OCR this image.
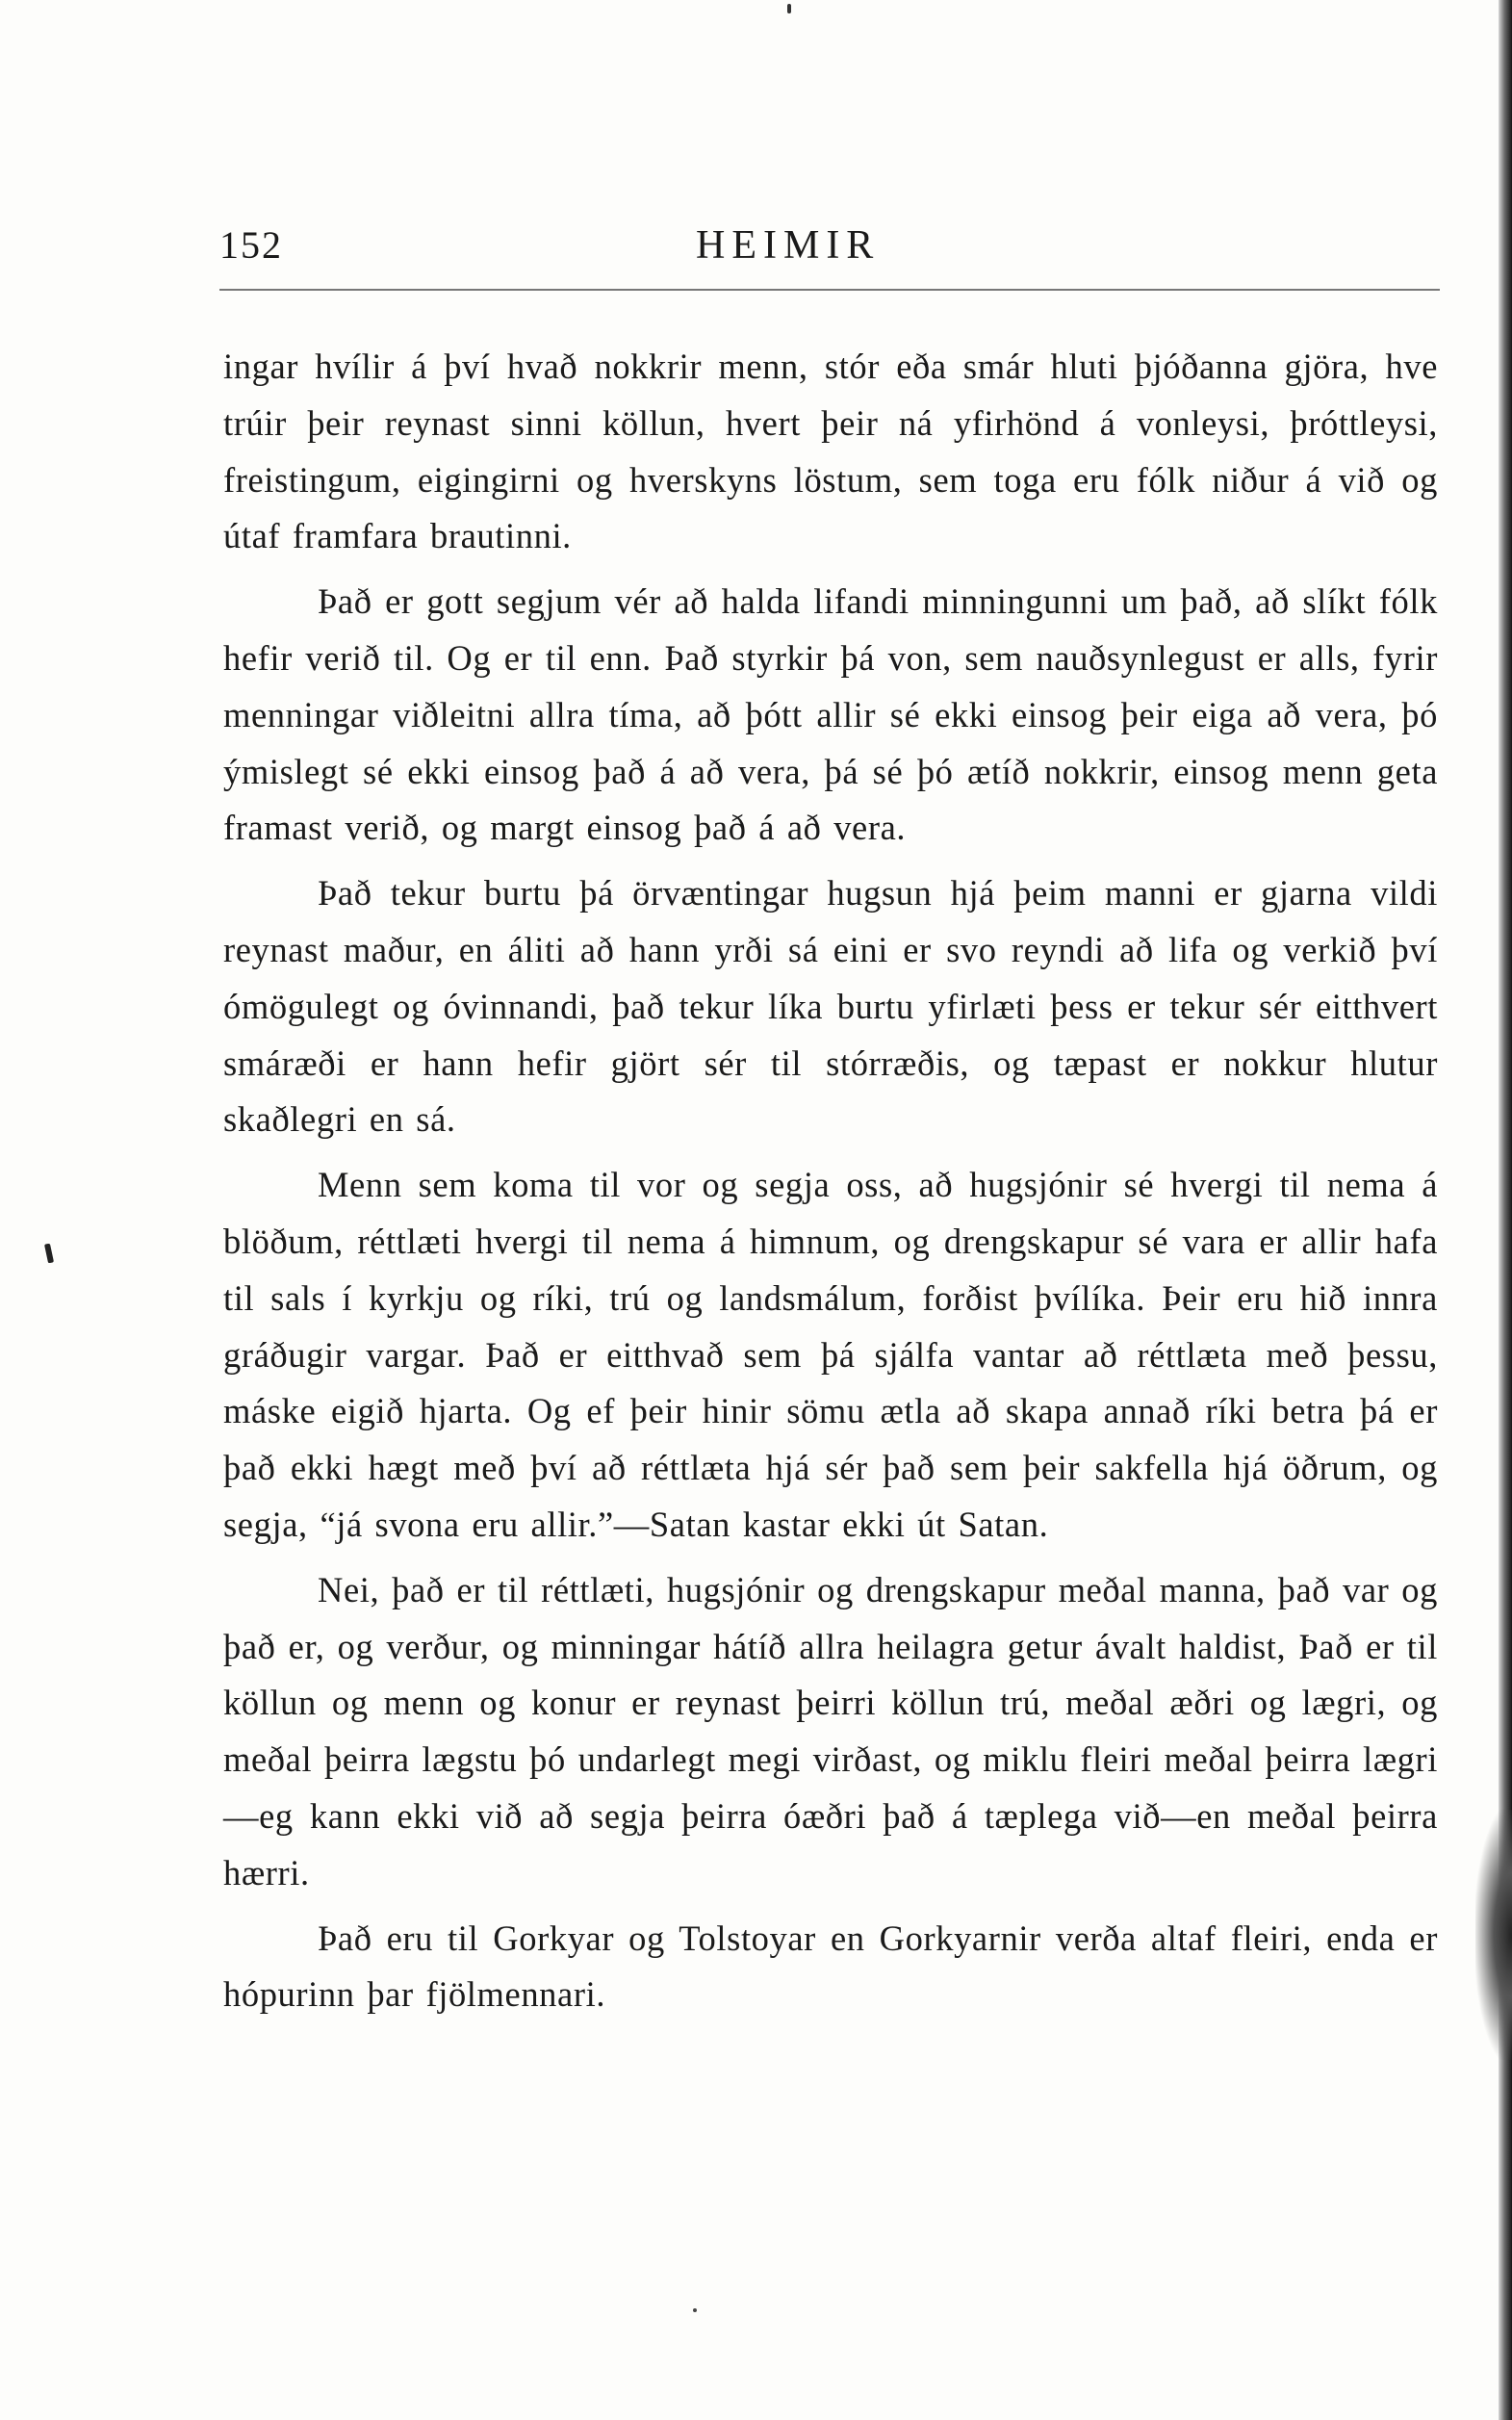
152	HEIMIR

ingar hvílir á því hvað nokkrir menn, stór eða smár hluti þjóðanna gjöra, hve trúir þeir reynast sinni köllun, hvert þeir ná yfirhönd á vonleysi, þróttleysi, freistingum, eigingirni og hverskyns löstum, sem toga eru fólk niður á við og útaf framfara brautinni.

Það er gott segjum vér að halda lifandi minningunni um það, að slíkt fólk hefir verið til. Og er til enn. Það styrkir þá von, sem nauðsynlegust er alls, fyrir menningar viðleitni allra tíma, að þótt allir sé ekki einsog þeir eiga að vera, þó ýmislegt sé ekki einsog það á að vera, þá sé þó ætíð nokkrir, einsog menn geta framast verið, og margt einsog það á að vera.

Það tekur burtu þá örvæntingar hugsun hjá þeim manni er gjarna vildi reynast maður, en áliti að hann yrði sá eini er svo reyndi að lifa og verkið því ómögulegt og óvinnandi, það tekur líka burtu yfirlæti þess er tekur sér eitthvert smáræði er hann hefir gjört sér til stórræðis, og tæpast er nokkur hlutur skaðlegri en sá.

Menn sem koma til vor og segja oss, að hugsjónir sé hvergi til nema á blöðum, réttlæti hvergi til nema á himnum, og drengskapur sé vara er allir hafa til sals í kyrkju og ríki, trú og landsmálum, forðist þvílíka. Þeir eru hið innra gráðugir vargar. Það er eitthvað sem þá sjálfa vantar að réttlæta með þessu, máske eigið hjarta. Og ef þeir hinir sömu ætla að skapa annað ríki betra þá er það ekki hægt með því að réttlæta hjá sér það sem þeir sakfella hjá öðrum, og segja, “já svona eru allir.”—Satan kastar ekki út Satan.

Nei, það er til réttlæti, hugsjónir og drengskapur meðal manna, það var og það er, og verður, og minningar hátíð allra heilagra getur ávalt haldist, Það er til köllun og menn og konur er reynast þeirri köllun trú, meðal æðri og lægri, og meðal þeirra lægstu þó undarlegt megi virðast, og miklu fleiri meðal þeirra lægri—eg kann ekki við að segja þeirra óæðri það á tæplega við—en meðal þeirra hærri.

Það eru til Gorkyar og Tolstoyar en Gorkyarnir verða altaf fleiri, enda er hópurinn þar fjölmennari.
